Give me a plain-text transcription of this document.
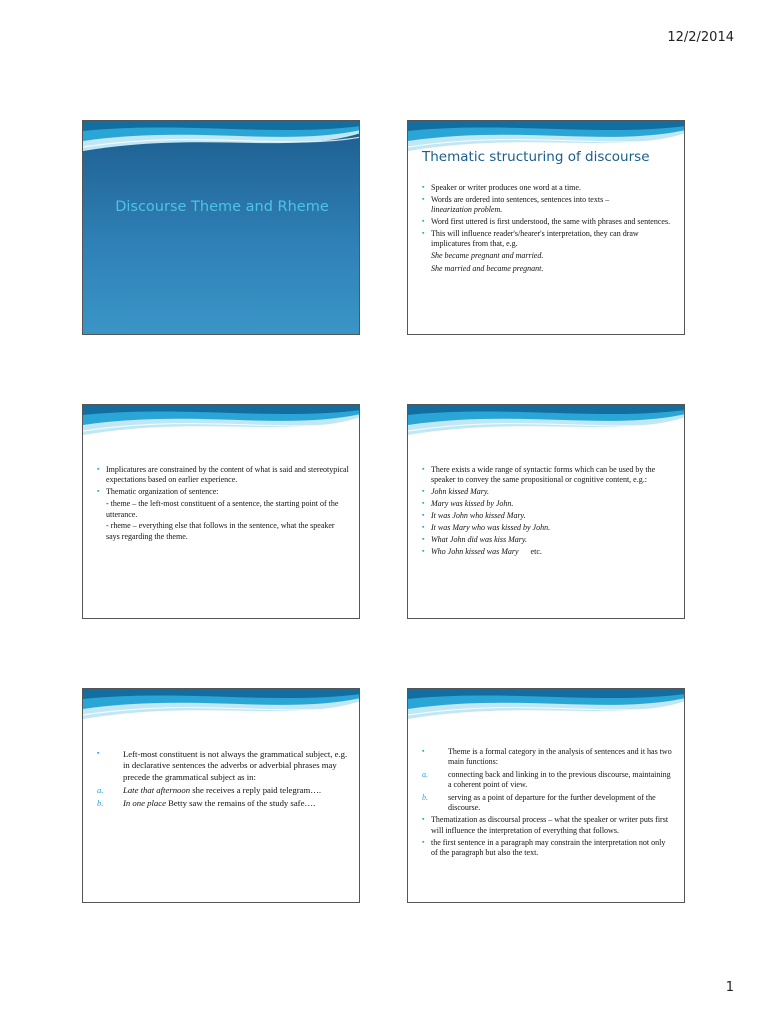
12/2/2014
Discourse Theme and Rheme
Thematic structuring of discourse
▪ Speaker or writer produces one word at a time.
▪ Words are ordered into sentences, sentences into texts –
linearization problem.
▪ Word first uttered is first understood, the same with phrases and sentences.
▪ This will influence reader's/hearer's interpretation, they can draw implicatures from that, e.g.
She became pregnant and married.
She married and became pregnant.
▪ Implicatures are constrained by the content of what is said and stereotypical expectations based on earlier experience.
▪ Thematic organization of sentence:
- theme – the left-most constituent of a sentence, the starting point of the utterance.
- rheme – everything else that follows in the sentence, what the speaker says regarding the theme.
▪ There exists a wide range of syntactic forms which can be used by the speaker to convey the same propositional or cognitive content, e.g.:
▪ John kissed Mary.
▪ Mary was kissed by John.
▪ It was John who kissed Mary.
▪ It was Mary who was kissed by John.
▪ What John did was kiss Mary.
▪ Who John kissed was Mary etc.
▪	Left-most constituent is not always the grammatical subject, e.g. in declarative sentences the adverbs or adverbial phrases may precede the grammatical subject as in:
a.	Late that afternoon she receives a reply paid telegram….
b.	In one place Betty saw the remains of the study safe….
▪	Theme is a formal category in the analysis of sentences and it has two main functions:
a.	connecting back and linking in to the previous discourse, maintaining a coherent point of view.
b.	serving as a point of departure for the further development of the discourse.
▪ Thematization as discoursal process – what the speaker or writer puts first will influence the interpretation of everything that follows.
▪ the first sentence in a paragraph may constrain the interpretation not only of the paragraph but also the text.
1
